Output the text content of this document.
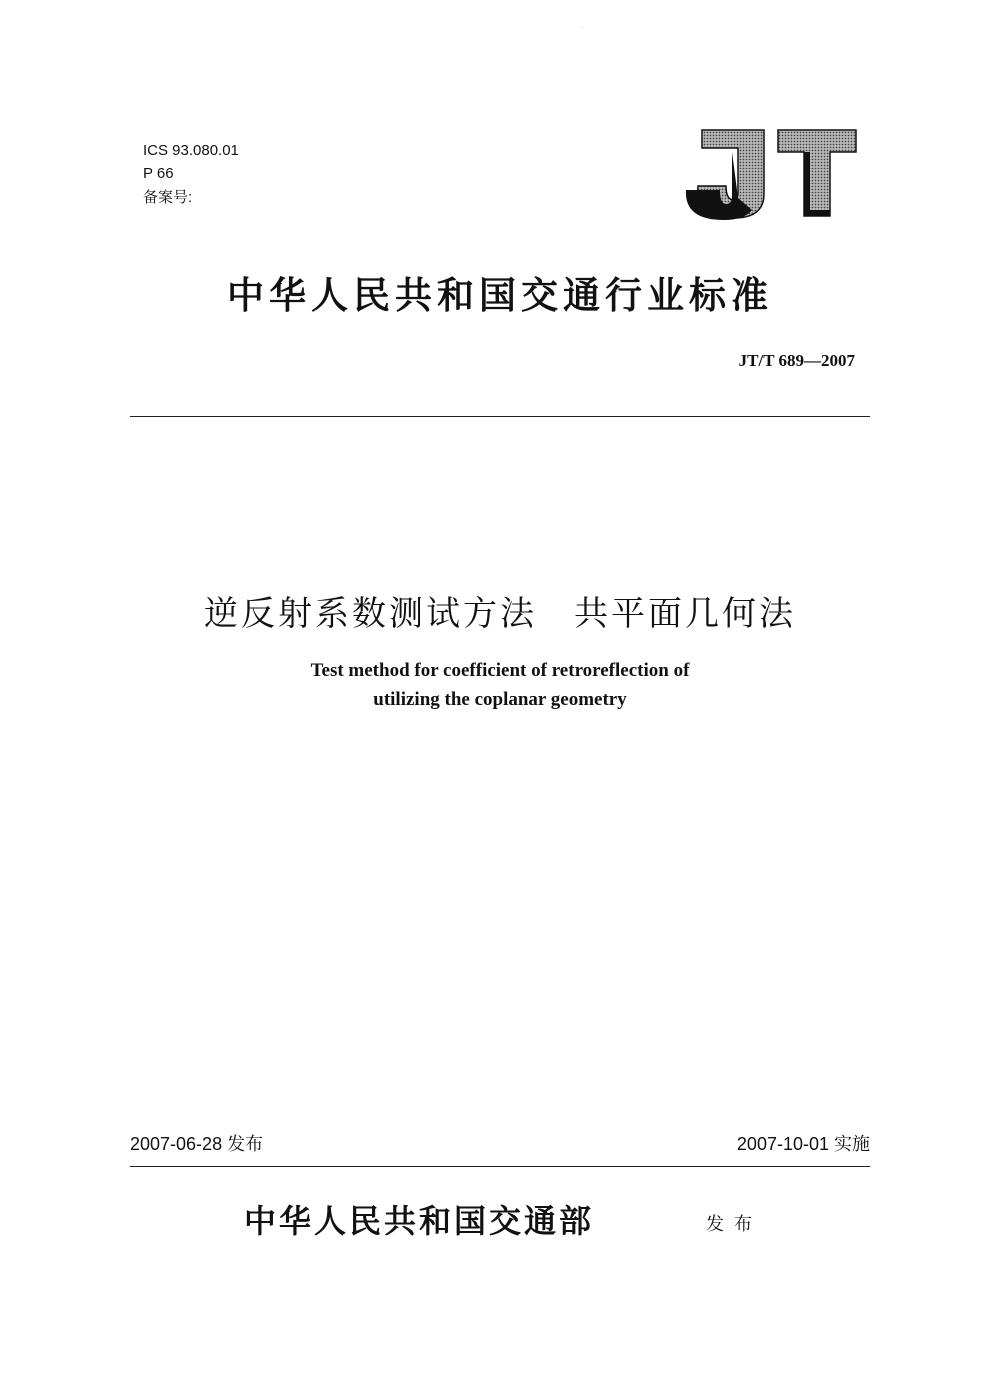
ICS 93.080.01
P 66
备案号:
JT
中华人民共和国交通行业标准
JT/T 689—2007
逆反射系数测试方法　共平面几何法
Test method for coefficient of retroreflection of
utilizing the coplanar geometry
2007-06-28 发布	2007-10-01 实施
中华人民共和国交通部	发布
